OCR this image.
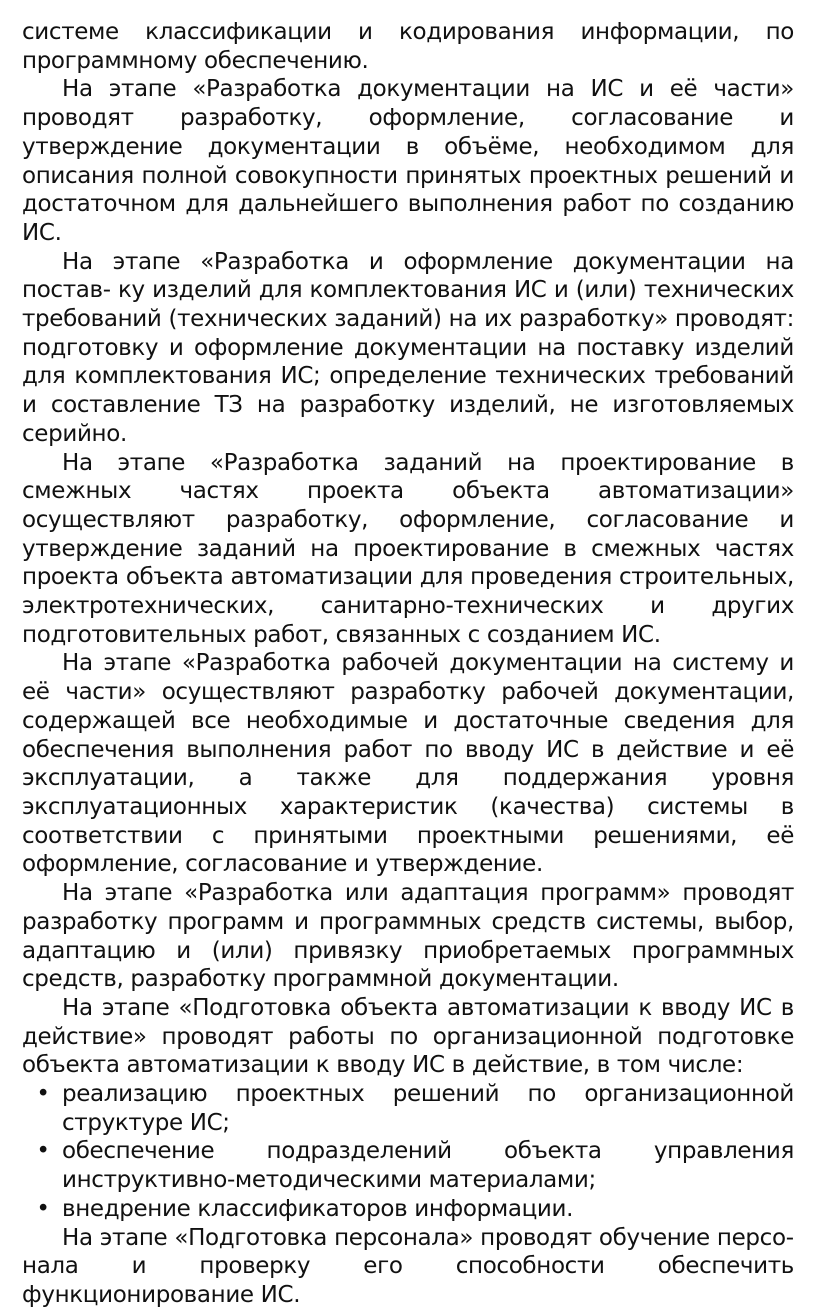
системе классификации и кодирования информации, по программному обеспечению.

На этапе «Разработка документации на ИС и её части» проводят разработку, оформление, согласование и утверждение документации в объёме, необходимом для описания полной совокупности принятых проектных решений и достаточном для дальнейшего выполнения работ по созданию ИС.

На этапе «Разработка и оформление документации на постав- ку изделий для комплектования ИС и (или) технических требований (технических заданий) на их разработку» проводят: подготовку и оформление документации на поставку изделий для комплектования ИС; определение технических требований и составление ТЗ на разработку изделий, не изготовляемых серийно.

На этапе «Разработка заданий на проектирование в смежных частях проекта объекта автоматизации» осуществляют разработку, оформление, согласование и утверждение заданий на проектирование в смежных частях проекта объекта автоматизации для проведения строительных, электротехнических, санитарно-технических и других подготовительных работ, связанных с созданием ИС.

На этапе «Разработка рабочей документации на систему и её части» осуществляют разработку рабочей документации, содержащей все необходимые и достаточные сведения для обеспечения выполнения работ по вводу ИС в действие и её эксплуатации, а также для поддержания уровня эксплуатационных характеристик (качества) системы в соответствии с принятыми проектными решениями, её оформление, согласование и утверждение.

На этапе «Разработка или адаптация программ» проводят разработку программ и программных средств системы, выбор, адаптацию и (или) привязку приобретаемых программных средств, разработку программной документации.

На этапе «Подготовка объекта автоматизации к вводу ИС в действие» проводят работы по организационной подготовке объекта автоматизации к вводу ИС в действие, в том числе:

• реализацию проектных решений по организационной структуре ИС;
• обеспечение подразделений объекта управления инструктивно-методическими материалами;
• внедрение классификаторов информации.

На этапе «Подготовка персонала» проводят обучение персонала и проверку его способности обеспечить функционирование ИС.
